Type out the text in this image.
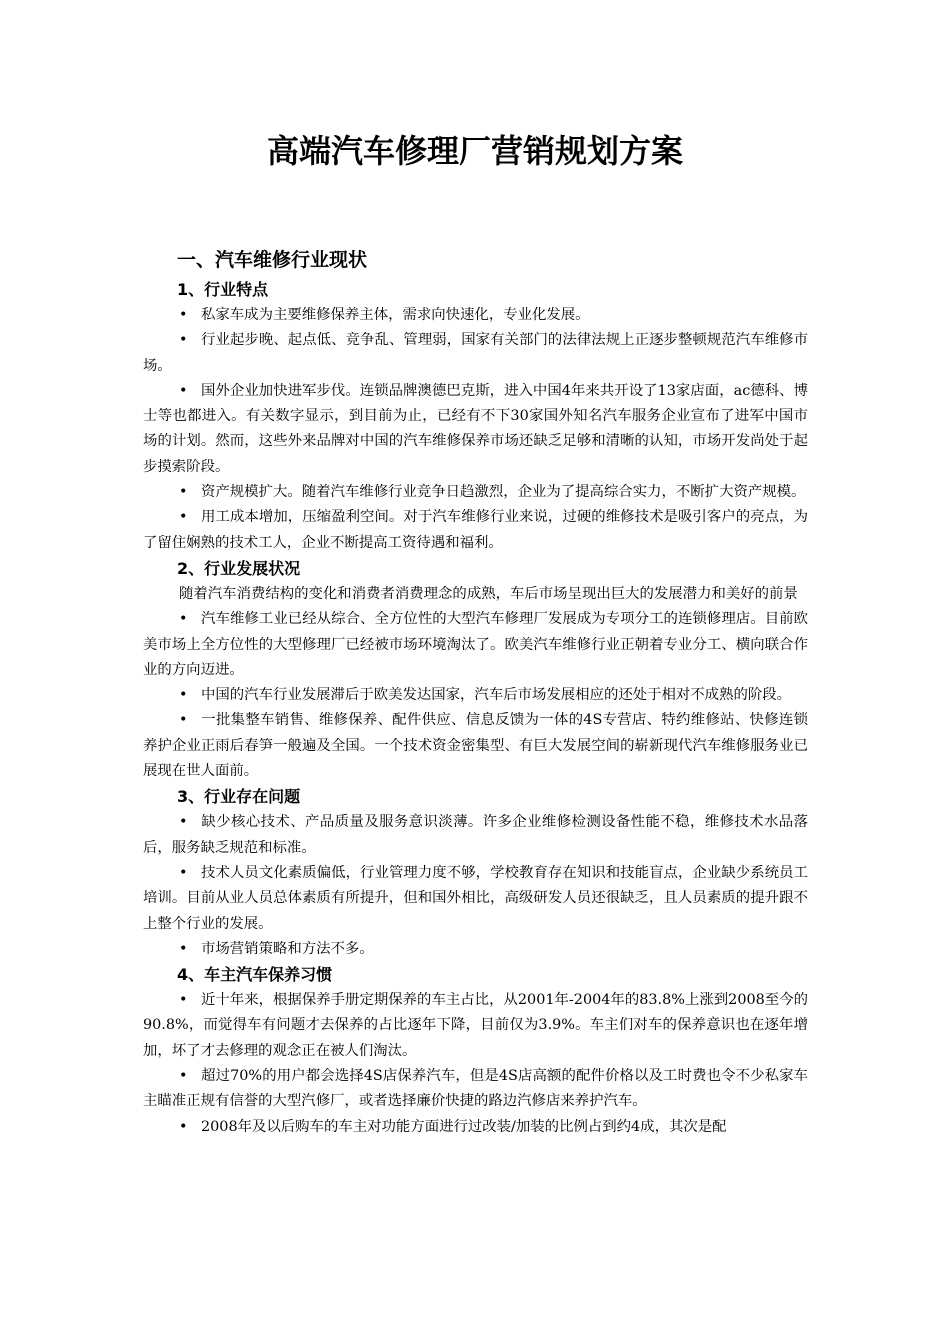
高端汽车修理厂营销规划方案
一、汽车维修行业现状
1、行业特点

• 私家车成为主要维修保养主体，需求向快速化，专业化发展。

• 行业起步晚、起点低、竞争乱、管理弱，国家有关部门的法律法规上正逐步整顿规范汽车维修市场。

• 国外企业加快进军步伐。连锁品牌澳德巴克斯，进入中国4年来共开设了13家店面，ac德科、博士等也都进入。有关数字显示，到目前为止，已经有不下30家国外知名汽车服务企业宣布了进军中国市场的计划。然而，这些外来品牌对中国的汽车维修保养市场还缺乏足够和清晰的认知，市场开发尚处于起步摸索阶段。

• 资产规模扩大。随着汽车维修行业竞争日趋激烈，企业为了提高综合实力，不断扩大资产规模。

• 用工成本增加，压缩盈利空间。对于汽车维修行业来说，过硬的维修技术是吸引客户的亮点，为了留住娴熟的技术工人，企业不断提高工资待遇和福利。

2、行业发展状况

随着汽车消费结构的变化和消费者消费理念的成熟，车后市场呈现出巨大的发展潜力和美好的前景

• 汽车维修工业已经从综合、全方位性的大型汽车修理厂发展成为专项分工的连锁修理店。目前欧美市场上全方位性的大型修理厂已经被市场环境淘汰了。欧美汽车维修行业正朝着专业分工、横向联合作业的方向迈进。

• 中国的汽车行业发展滞后于欧美发达国家，汽车后市场发展相应的还处于相对不成熟的阶段。

• 一批集整车销售、维修保养、配件供应、信息反馈为一体的4S专营店、特约维修站、快修连锁养护企业正雨后春笋一般遍及全国。一个技术资金密集型、有巨大发展空间的崭新现代汽车维修服务业已展现在世人面前。

3、行业存在问题

• 缺少核心技术、产品质量及服务意识淡薄。许多企业维修检测设备性能不稳，维修技术水品落后，服务缺乏规范和标准。

• 技术人员文化素质偏低，行业管理力度不够，学校教育存在知识和技能盲点，企业缺少系统员工培训。目前从业人员总体素质有所提升，但和国外相比，高级研发人员还很缺乏，且人员素质的提升跟不上整个行业的发展。

• 市场营销策略和方法不多。

4、车主汽车保养习惯

• 近十年来，根据保养手册定期保养的车主占比，从2001年-2004年的83.8%上涨到2008至今的90.8%，而觉得车有问题才去保养的占比逐年下降，目前仅为3.9%。车主们对车的保养意识也在逐年增加，坏了才去修理的观念正在被人们淘汰。

• 超过70%的用户都会选择4S店保养汽车，但是4S店高额的配件价格以及工时费也令不少私家车主瞄准正规有信誉的大型汽修厂，或者选择廉价快捷的路边汽修店来养护汽车。

• 2008年及以后购车的车主对功能方面进行过改装/加装的比例占到约4成，其次是配
